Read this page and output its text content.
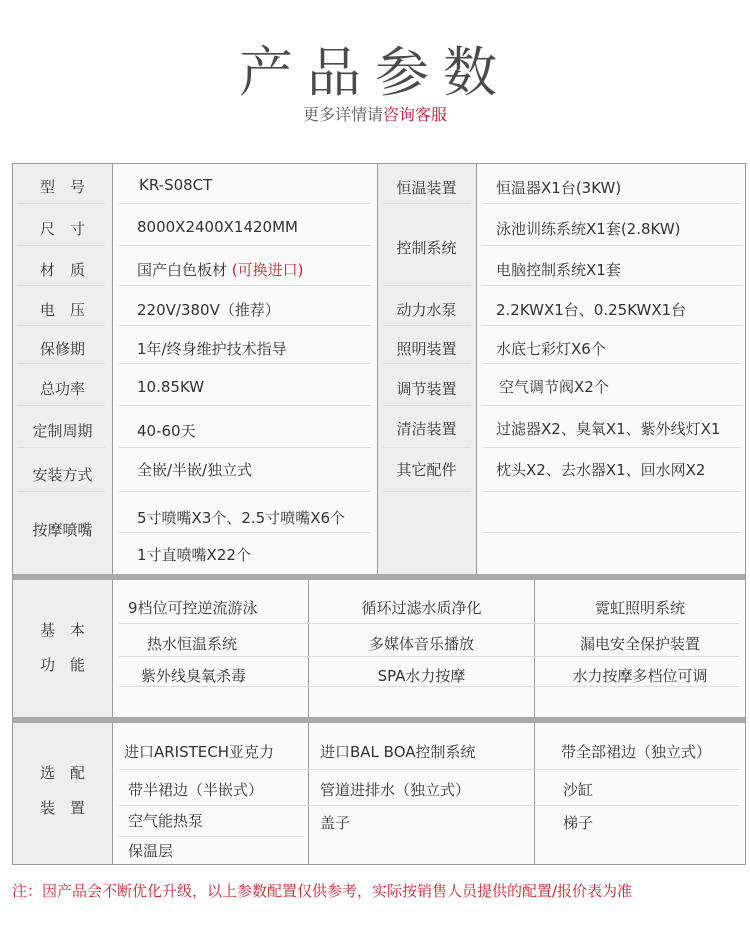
产品参数
更多详情请咨询客服
型　号
尺　寸
材　质
电　压
保修期
总功率
定制周期
安装方式
按摩喷嘴
KR-S08CT
8000X2400X1420MM
国产白色板材 (可换进口)
220V/380V（推荐）
1年/终身维护技术指导
10.85KW
40-60天
全嵌/半嵌/独立式
5寸喷嘴X3个、2.5寸喷嘴X6个
1寸直喷嘴X22个
恒温装置
控制系统
动力水泵
照明装置
调节装置
清洁装置
其它配件
恒温器X1台(3KW)
泳池训练系统X1套(2.8KW)
电脑控制系统X1套
2.2KWX1台、0.25KWX1台
水底七彩灯X6个
空气调节阀X2个
过滤器X2、臭氧X1、紫外线灯X1
枕头X2、去水器X1、回水网X2
基　本
功　能
9档位可控逆流游泳
热水恒温系统
紫外线臭氧杀毒
循环过滤水质净化
多媒体音乐播放
SPA水力按摩
霓虹照明系统
漏电安全保护装置
水力按摩多档位可调
选　配
装　置
进口ARISTECH亚克力
带半裙边（半嵌式）
空气能热泵
保温层
进口BAL BOA控制系统
管道进排水（独立式）
盖子
带全部裙边（独立式）
沙缸
梯子
注：因产品会不断优化升级，以上参数配置仅供参考，实际按销售人员提供的配置/报价表为准
